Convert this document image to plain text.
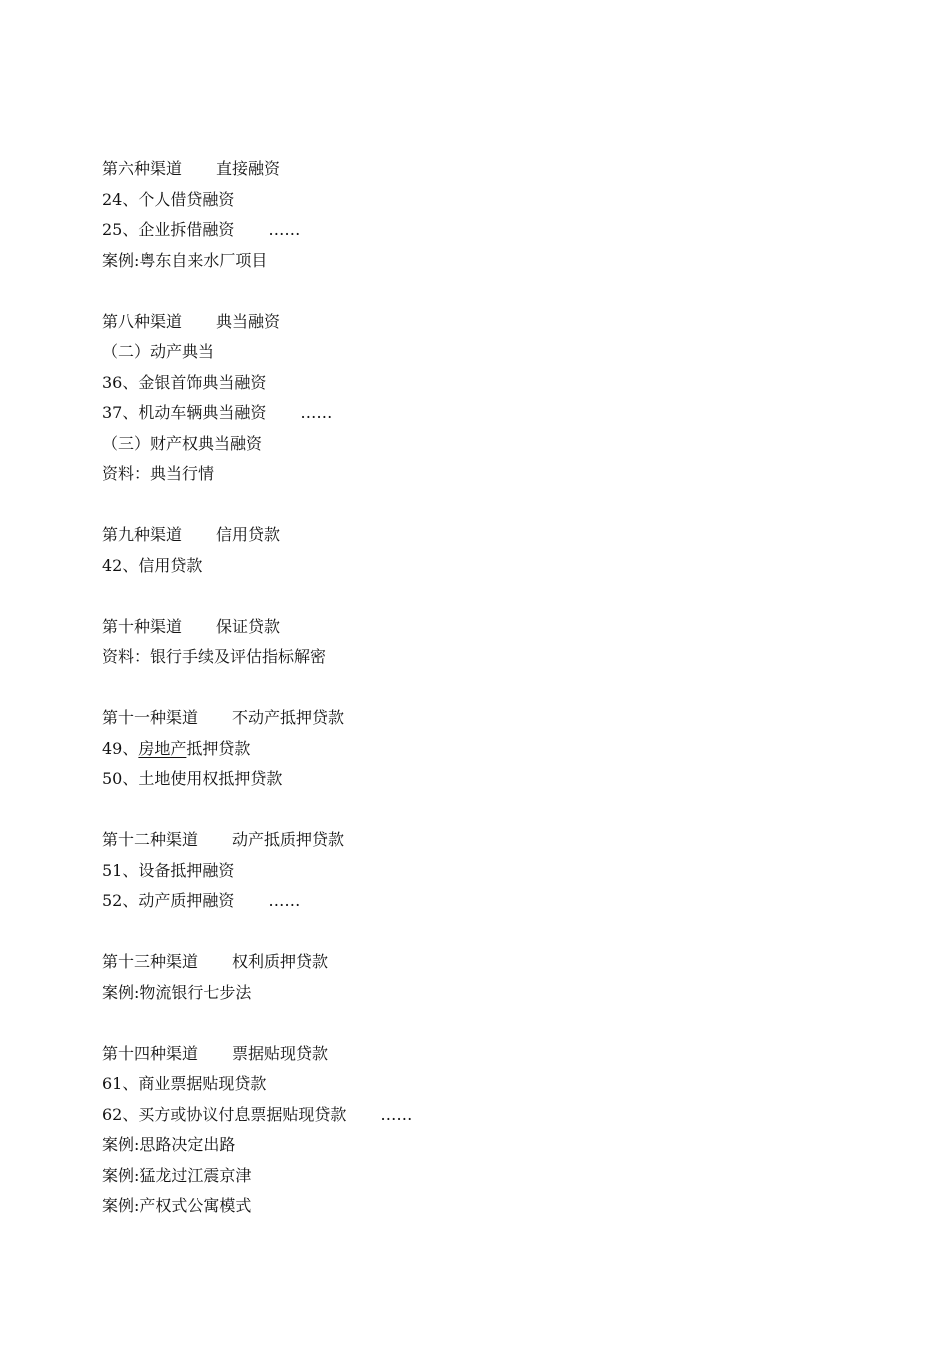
第六种渠道 直接融资
24、个人借贷融资
25、企业拆借融资 ……
案例:粤东自来水厂项目
第八种渠道 典当融资
（二）动产典当
36、金银首饰典当融资
37、机动车辆典当融资 ……
（三）财产权典当融资
资料：典当行情
第九种渠道 信用贷款
42、信用贷款
第十种渠道 保证贷款
资料：银行手续及评估指标解密
第十一种渠道 不动产抵押贷款
49、房地产抵押贷款
50、土地使用权抵押贷款
第十二种渠道 动产抵质押贷款
51、设备抵押融资
52、动产质押融资 ……
第十三种渠道 权利质押贷款
案例:物流银行七步法
第十四种渠道 票据贴现贷款
61、商业票据贴现贷款
62、买方或协议付息票据贴现贷款 ……
案例:思路决定出路
案例:猛龙过江震京津
案例:产权式公寓模式
